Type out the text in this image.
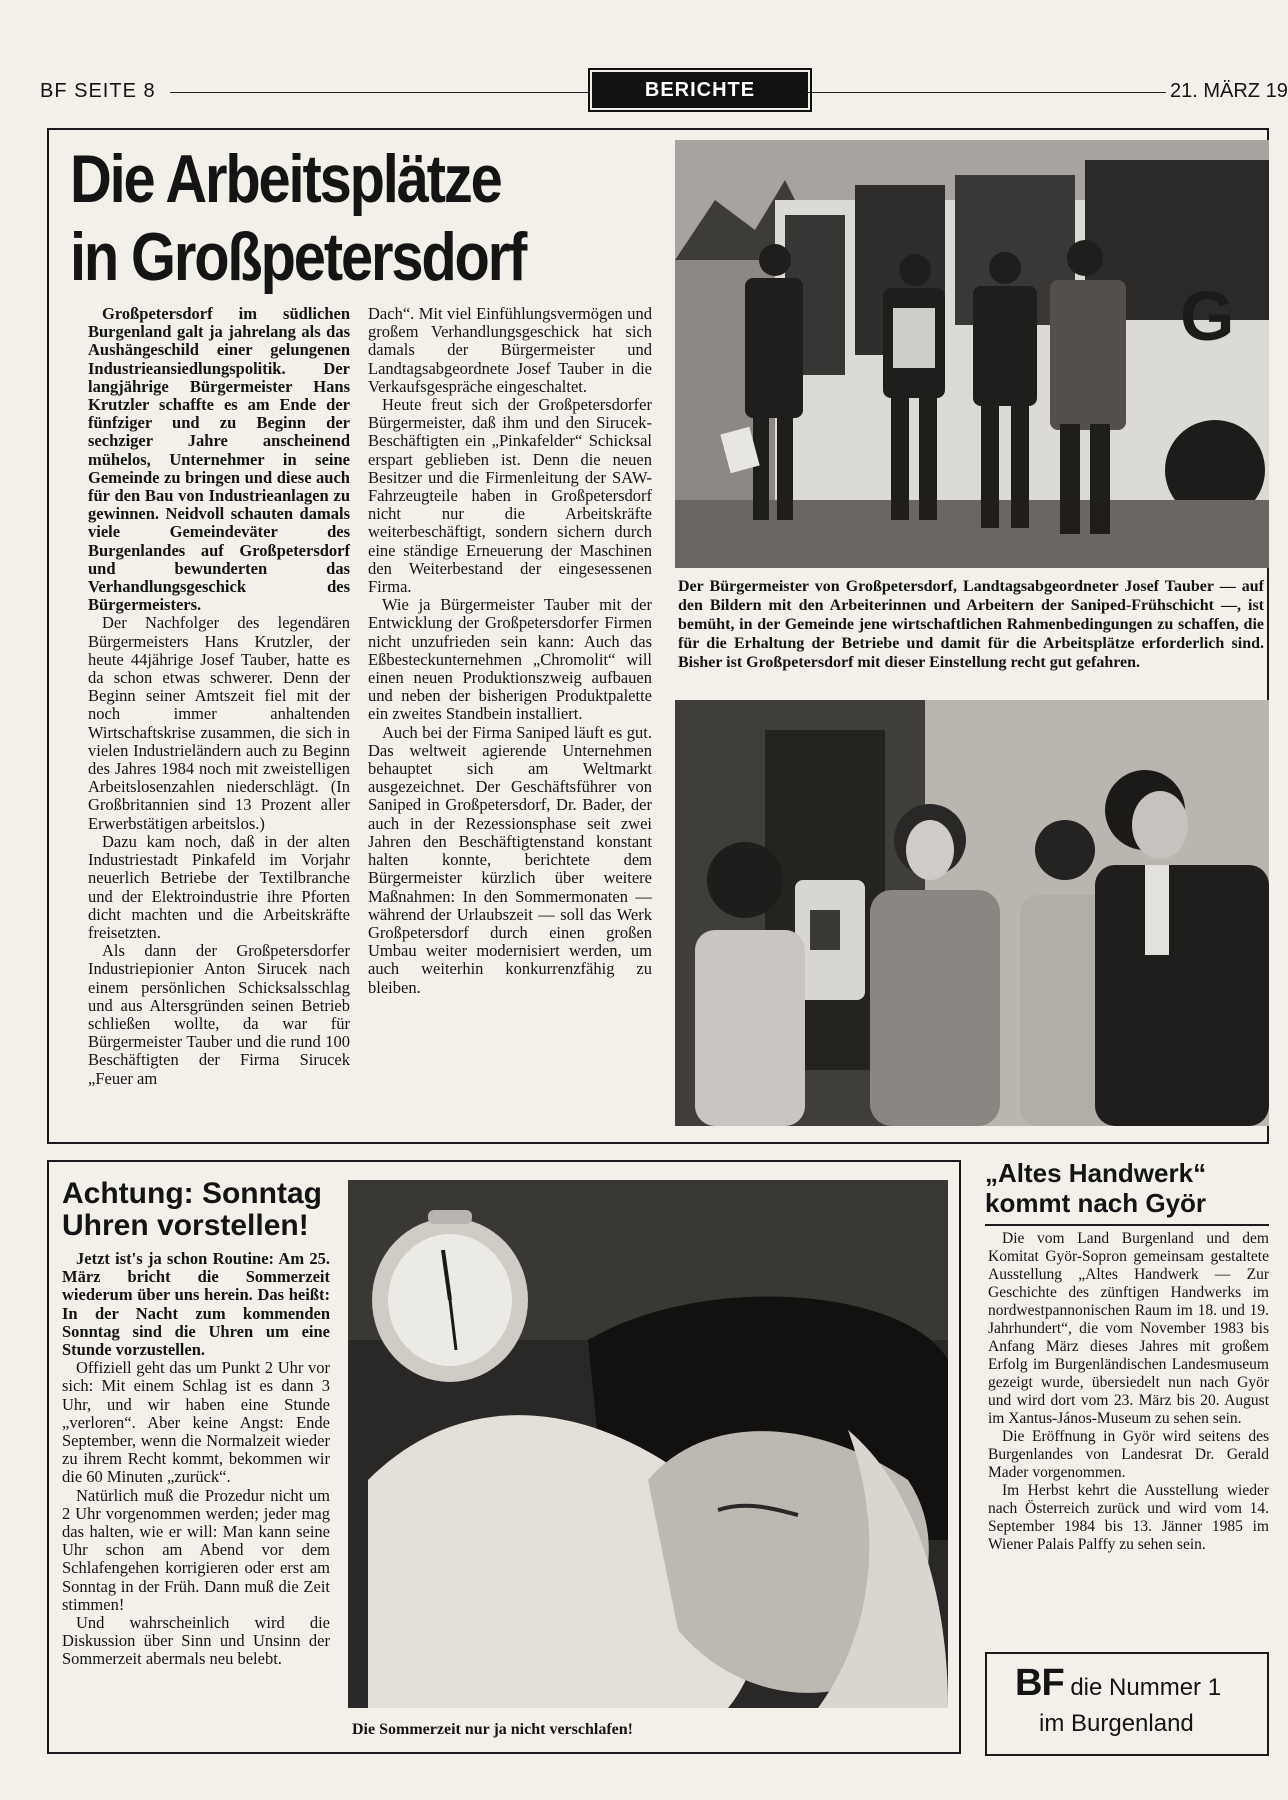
BF SEITE 8	BERICHTE	21. MÄRZ 19
Die Arbeitsplätze
in Großpetersdorf

Großpetersdorf im südlichen Burgenland galt ja jahrelang als das Aushängeschild einer gelungenen Industrieansiedlungspolitik. Der langjährige Bürgermeister Hans Krutzler schaffte es am Ende der fünfziger und zu Beginn der sechziger Jahre anscheinend mühelos, Unternehmer in seine Gemeinde zu bringen und diese auch für den Bau von Industrieanlagen zu gewinnen. Neidvoll schauten damals viele Gemeindeväter des Burgenlandes auf Großpetersdorf und bewunderten das Verhandlungsgeschick des Bürgermeisters.

Der Nachfolger des legendären Bürgermeisters Hans Krutzler, der heute 44jährige Josef Tauber, hatte es da schon etwas schwerer. Denn der Beginn seiner Amtszeit fiel mit der noch immer anhaltenden Wirtschaftskrise zusammen, die sich in vielen Industrieländern auch zu Beginn des Jahres 1984 noch mit zweistelligen Arbeitslosenzahlen niederschlägt. (In Großbritannien sind 13 Prozent aller Erwerbstätigen arbeitslos.)

Dazu kam noch, daß in der alten Industriestadt Pinkafeld im Vorjahr neuerlich Betriebe der Textilbranche und der Elektroindustrie ihre Pforten dicht machten und die Arbeitskräfte freisetzten.

Als dann der Großpetersdorfer Industriepionier Anton Sirucek nach einem persönlichen Schicksalsschlag und aus Altersgründen seinen Betrieb schließen wollte, da war für Bürgermeister Tauber und die rund 100 Beschäftigten der Firma Sirucek „Feuer am

Dach“. Mit viel Einfühlungsvermögen und großem Verhandlungsgeschick hat sich damals der Bürgermeister und Landtagsabgeordnete Josef Tauber in die Verkaufsgespräche eingeschaltet.

Heute freut sich der Großpetersdorfer Bürgermeister, daß ihm und den Sirucek-Beschäftigten ein „Pinkafelder“ Schicksal erspart geblieben ist. Denn die neuen Besitzer und die Firmenleitung der SAW-Fahrzeugteile haben in Großpetersdorf nicht nur die Arbeitskräfte weiterbeschäftigt, sondern sichern durch eine ständige Erneuerung der Maschinen den Weiterbestand der eingesessenen Firma.

Wie ja Bürgermeister Tauber mit der Entwicklung der Großpetersdorfer Firmen nicht unzufrieden sein kann: Auch das Eßbesteckunternehmen „Chromolit“ will einen neuen Produktionszweig aufbauen und neben der bisherigen Produktpalette ein zweites Standbein installiert.

Auch bei der Firma Saniped läuft es gut. Das weltweit agierende Unternehmen behauptet sich am Weltmarkt ausgezeichnet. Der Geschäftsführer von Saniped in Großpetersdorf, Dr. Bader, der auch in der Rezessionsphase seit zwei Jahren den Beschäftigtenstand konstant halten konnte, berichtete dem Bürgermeister kürzlich über weitere Maßnahmen: In den Sommermonaten — während der Urlaubszeit — soll das Werk Großpetersdorf durch einen großen Umbau weiter modernisiert werden, um auch weiterhin konkurrenzfähig zu bleiben.

G
Der Bürgermeister von Großpetersdorf, Landtagsabgeordneter Josef Tauber — auf den Bildern mit den Arbeiterinnen und Arbeitern der Saniped-Frühschicht —, ist bemüht, in der Gemeinde jene wirtschaftlichen Rahmenbedingungen zu schaffen, die für die Erhaltung der Betriebe und damit für die Arbeitsplätze erforderlich sind. Bisher ist Großpetersdorf mit dieser Einstellung recht gut gefahren.
Achtung: Sonntag Uhren vorstellen!

Jetzt ist's ja schon Routine: Am 25. März bricht die Sommerzeit wiederum über uns herein. Das heißt: In der Nacht zum kommenden Sonntag sind die Uhren um eine Stunde vorzustellen.

Offiziell geht das um Punkt 2 Uhr vor sich: Mit einem Schlag ist es dann 3 Uhr, und wir haben eine Stunde „verloren“. Aber keine Angst: Ende September, wenn die Normalzeit wieder zu ihrem Recht kommt, bekommen wir die 60 Minuten „zurück“.

Natürlich muß die Prozedur nicht um 2 Uhr vorgenommen werden; jeder mag das halten, wie er will: Man kann seine Uhr schon am Abend vor dem Schlafengehen korrigieren oder erst am Sonntag in der Früh. Dann muß die Zeit stimmen!

Und wahrscheinlich wird die Diskussion über Sinn und Unsinn der Sommerzeit abermals neu belebt.

Die Sommerzeit nur ja nicht verschlafen!
„Altes Handwerk“ kommt nach Györ

Die vom Land Burgenland und dem Komitat Györ-Sopron gemeinsam gestaltete Ausstellung „Altes Handwerk — Zur Geschichte des zünftigen Handwerks im nordwestpannonischen Raum im 18. und 19. Jahrhundert“, die vom November 1983 bis Anfang März dieses Jahres mit großem Erfolg im Burgenländischen Landesmuseum gezeigt wurde, übersiedelt nun nach Györ und wird dort vom 23. März bis 20. August im Xantus-János-Museum zu sehen sein.

Die Eröffnung in Györ wird seitens des Burgenlandes von Landesrat Dr. Gerald Mader vorgenommen.

Im Herbst kehrt die Ausstellung wieder nach Österreich zurück und wird vom 14. September 1984 bis 13. Jänner 1985 im Wiener Palais Palffy zu sehen sein.

BF die Nummer 1
im Burgenland
